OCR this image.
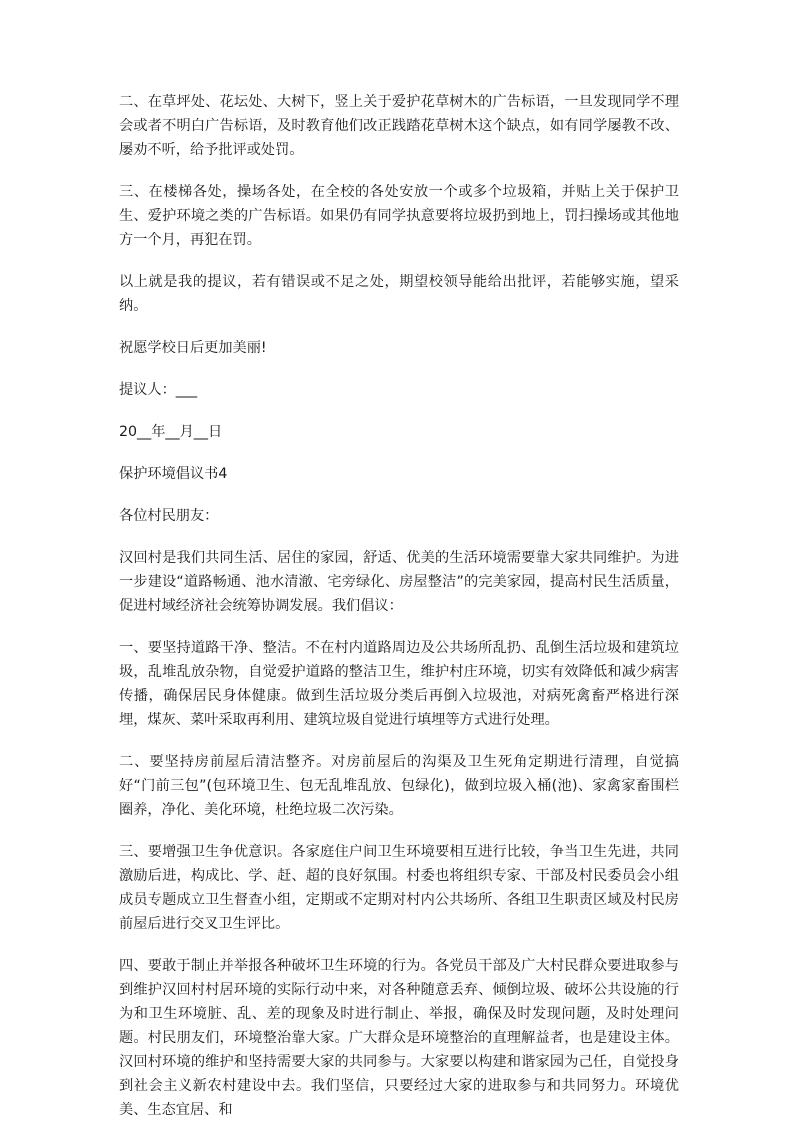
二、在草坪处、花坛处、大树下，竖上关于爱护花草树木的广告标语，一旦发现同学不理会或者不明白广告标语，及时教育他们改正践踏花草树木这个缺点，如有同学屡教不改、屡劝不听，给予批评或处罚。

三、在楼梯各处，操场各处，在全校的各处安放一个或多个垃圾箱，并贴上关于保护卫生、爱护环境之类的广告标语。如果仍有同学执意要将垃圾扔到地上，罚扫操场或其他地方一个月，再犯在罚。

以上就是我的提议，若有错误或不足之处，期望校领导能给出批评，若能够实施，望采纳。

祝愿学校日后更加美丽!

提议人：___

20__年__月__日

保护环境倡议书4

各位村民朋友：

汉回村是我们共同生活、居住的家园，舒适、优美的生活环境需要靠大家共同维护。为进一步建设“道路畅通、池水清澈、宅旁绿化、房屋整洁”的完美家园，提高村民生活质量，促进村域经济社会统筹协调发展。我们倡议：

一、要坚持道路干净、整洁。不在村内道路周边及公共场所乱扔、乱倒生活垃圾和建筑垃圾，乱堆乱放杂物，自觉爱护道路的整洁卫生，维护村庄环境，切实有效降低和减少病害传播，确保居民身体健康。做到生活垃圾分类后再倒入垃圾池，对病死禽畜严格进行深埋，煤灰、菜叶采取再利用、建筑垃圾自觉进行填埋等方式进行处理。

二、要坚持房前屋后清洁整齐。对房前屋后的沟渠及卫生死角定期进行清理，自觉搞好“门前三包”(包环境卫生、包无乱堆乱放、包绿化)，做到垃圾入桶(池)、家禽家畜围栏圈养，净化、美化环境，杜绝垃圾二次污染。

三、要增强卫生争优意识。各家庭住户间卫生环境要相互进行比较，争当卫生先进，共同激励后进，构成比、学、赶、超的良好氛围。村委也将组织专家、干部及村民委员会小组成员专题成立卫生督查小组，定期或不定期对村内公共场所、各组卫生职责区域及村民房前屋后进行交叉卫生评比。

四、要敢于制止并举报各种破坏卫生环境的行为。各党员干部及广大村民群众要进取参与到维护汉回村村居环境的实际行动中来，对各种随意丢弃、倾倒垃圾、破坏公共设施的行为和卫生环境脏、乱、差的现象及时进行制止、举报，确保及时发现问题，及时处理问题。村民朋友们，环境整治靠大家。广大群众是环境整治的直理解益者，也是建设主体。汉回村环境的维护和坚持需要大家的共同参与。大家要以构建和谐家园为己任，自觉投身到社会主义新农村建设中去。我们坚信，只要经过大家的进取参与和共同努力。环境优美、生态宜居、和
